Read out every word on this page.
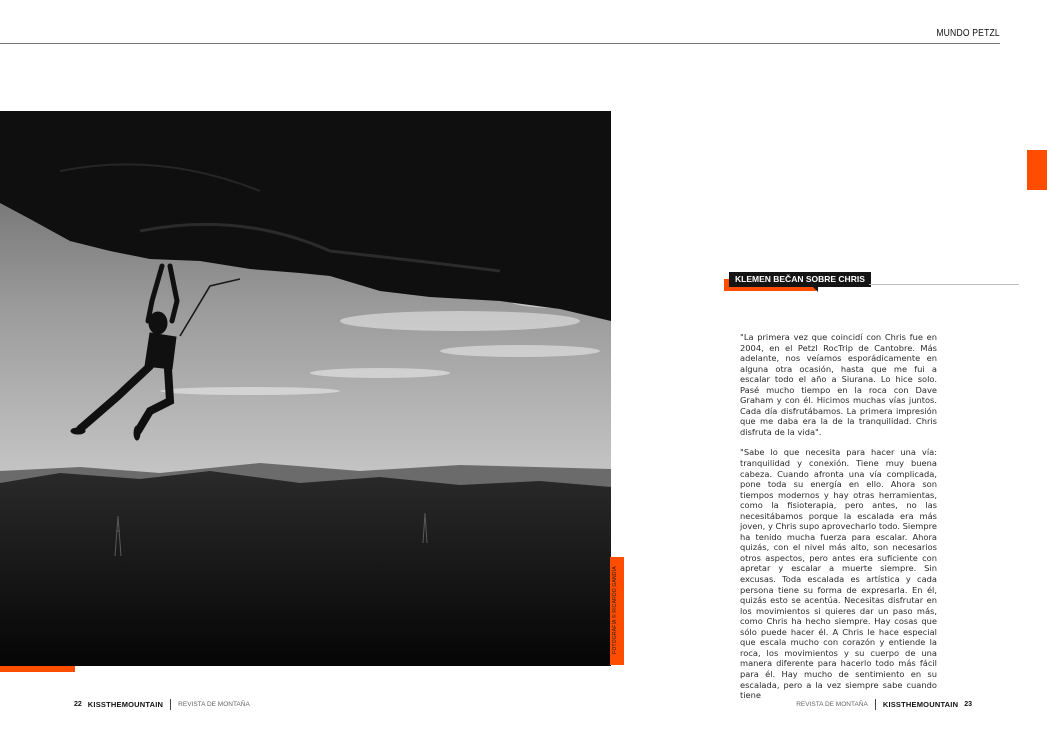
MUNDO PETZL
FOTOGRAFÍA © RICARDO GANDÍA
KLEMEN BEČAN SOBRE CHRIS

"La primera vez que coincidí con Chris fue en 2004, en el Petzl RocTrip de Cantobre. Más adelante, nos veíamos esporádicamente en alguna otra ocasión, hasta que me fui a escalar todo el año a Siurana. Lo hice solo. Pasé mucho tiempo en la roca con Dave Graham y con él. Hicimos muchas vías juntos. Cada día disfrutábamos. La primera impresión que me daba era la de la tranquilidad. Chris disfruta de la vida".

"Sabe lo que necesita para hacer una vía: tranquilidad y conexión. Tiene muy buena cabeza. Cuando afronta una vía complicada, pone toda su energía en ello. Ahora son tiempos modernos y hay otras herramientas, como la fisioterapia, pero antes, no las necesitábamos porque la escalada era más joven, y Chris supo aprovecharlo todo. Siempre ha tenido mucha fuerza para escalar. Ahora quizás, con el nivel más alto, son necesarios otros aspectos, pero antes era suficiente con apretar y escalar a muerte siempre. Sin excusas. Toda escalada es artística y cada persona tiene su forma de expresarla. En él, quizás esto se acentúa. Necesitas disfrutar en los movimientos si quieres dar un paso más, como Chris ha hecho siempre. Hay cosas que sólo puede hacer él. A Chris le hace especial que escala mucho con corazón y entiende la roca, los movimientos y su cuerpo de una manera diferente para hacerlo todo más fácil para él. Hay mucho de sentimiento en su escalada, pero a la vez siempre sabe cuando tiene

22 KISSTHEMOUNTAIN REVISTA DE MONTAÑA	REVISTA DE MONTAÑA KISSTHEMOUNTAIN 23
